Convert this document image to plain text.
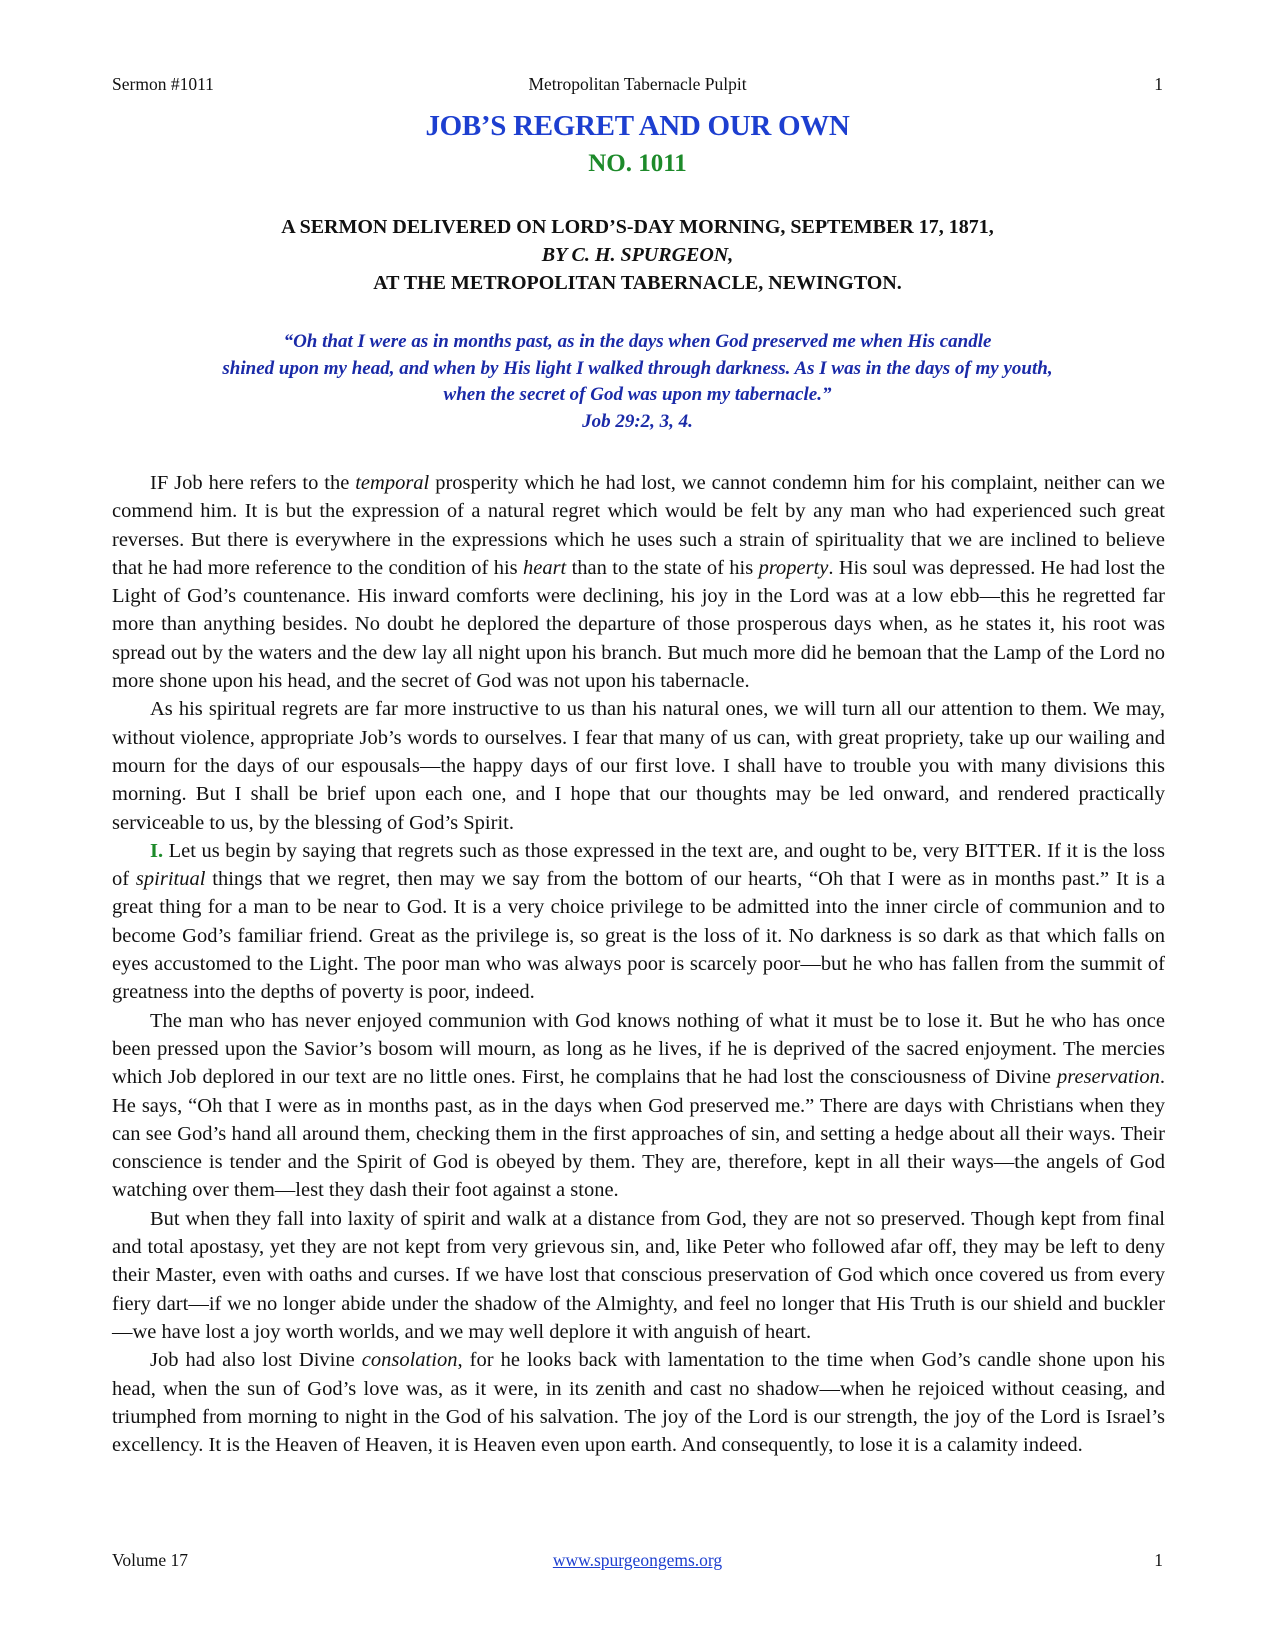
Sermon #1011	Metropolitan Tabernacle Pulpit	1
JOB’S REGRET AND OUR OWN
NO. 1011
A SERMON DELIVERED ON LORD’S-DAY MORNING, SEPTEMBER 17, 1871,
BY C. H. SPURGEON,
AT THE METROPOLITAN TABERNACLE, NEWINGTON.
“Oh that I were as in months past, as in the days when God preserved me when His candle
shined upon my head, and when by His light I walked through darkness. As I was in the days of my youth,
when the secret of God was upon my tabernacle.”
Job 29:2, 3, 4.

IF Job here refers to the temporal prosperity which he had lost, we cannot condemn him for his complaint, neither can we commend him. It is but the expression of a natural regret which would be felt by any man who had experienced such great reverses. But there is everywhere in the expressions which he uses such a strain of spirituality that we are inclined to believe that he had more reference to the condition of his heart than to the state of his property. His soul was depressed. He had lost the Light of God’s countenance. His inward comforts were declining, his joy in the Lord was at a low ebb—this he regretted far more than anything besides. No doubt he deplored the departure of those prosperous days when, as he states it, his root was spread out by the waters and the dew lay all night upon his branch. But much more did he bemoan that the Lamp of the Lord no more shone upon his head, and the secret of God was not upon his tabernacle.

As his spiritual regrets are far more instructive to us than his natural ones, we will turn all our attention to them. We may, without violence, appropriate Job’s words to ourselves. I fear that many of us can, with great propriety, take up our wailing and mourn for the days of our espousals—the happy days of our first love. I shall have to trouble you with many divisions this morning. But I shall be brief upon each one, and I hope that our thoughts may be led onward, and rendered practically serviceable to us, by the blessing of God’s Spirit.

I. Let us begin by saying that regrets such as those expressed in the text are, and ought to be, very BITTER. If it is the loss of spiritual things that we regret, then may we say from the bottom of our hearts, “Oh that I were as in months past.” It is a great thing for a man to be near to God. It is a very choice privilege to be admitted into the inner circle of communion and to become God’s familiar friend. Great as the privilege is, so great is the loss of it. No darkness is so dark as that which falls on eyes accustomed to the Light. The poor man who was always poor is scarcely poor—but he who has fallen from the summit of greatness into the depths of poverty is poor, indeed.

The man who has never enjoyed communion with God knows nothing of what it must be to lose it. But he who has once been pressed upon the Savior’s bosom will mourn, as long as he lives, if he is deprived of the sacred enjoyment. The mercies which Job deplored in our text are no little ones. First, he complains that he had lost the consciousness of Divine preservation. He says, “Oh that I were as in months past, as in the days when God preserved me.” There are days with Christians when they can see God’s hand all around them, checking them in the first approaches of sin, and setting a hedge about all their ways. Their conscience is tender and the Spirit of God is obeyed by them. They are, therefore, kept in all their ways—the angels of God watching over them—lest they dash their foot against a stone.

But when they fall into laxity of spirit and walk at a distance from God, they are not so preserved. Though kept from final and total apostasy, yet they are not kept from very grievous sin, and, like Peter who followed afar off, they may be left to deny their Master, even with oaths and curses. If we have lost that conscious preservation of God which once covered us from every fiery dart—if we no longer abide under the shadow of the Almighty, and feel no longer that His Truth is our shield and buckler—we have lost a joy worth worlds, and we may well deplore it with anguish of heart.

Job had also lost Divine consolation, for he looks back with lamentation to the time when God’s candle shone upon his head, when the sun of God’s love was, as it were, in its zenith and cast no shadow—when he rejoiced without ceasing, and triumphed from morning to night in the God of his salvation. The joy of the Lord is our strength, the joy of the Lord is Israel’s excellency. It is the Heaven of Heaven, it is Heaven even upon earth. And consequently, to lose it is a calamity indeed.

Volume 17	www.spurgeongems.org	1
